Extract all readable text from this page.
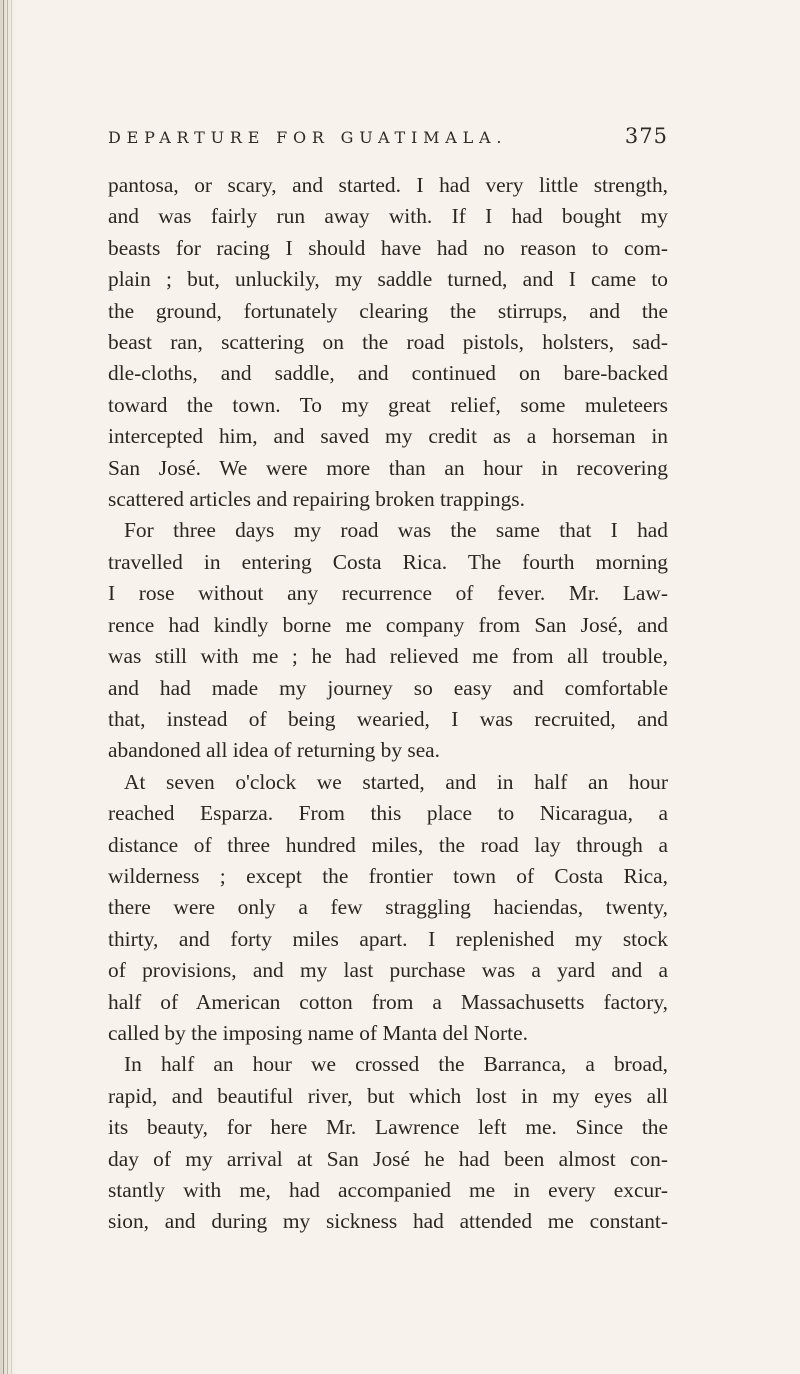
DEPARTURE FOR GUATIMALA.	375

pantosa, or scary, and started. I had very little strength,

and was fairly run away with. If I had bought my

beasts for racing I should have had no reason to com-

plain ; but, unluckily, my saddle turned, and I came to

the ground, fortunately clearing the stirrups, and the

beast ran, scattering on the road pistols, holsters, sad-

dle-cloths, and saddle, and continued on bare-backed

toward the town. To my great relief, some muleteers

intercepted him, and saved my credit as a horseman in

San José. We were more than an hour in recovering

scattered articles and repairing broken trappings.

For three days my road was the same that I had

travelled in entering Costa Rica. The fourth morning

I rose without any recurrence of fever. Mr. Law-

rence had kindly borne me company from San José, and

was still with me ; he had relieved me from all trouble,

and had made my journey so easy and comfortable

that, instead of being wearied, I was recruited, and

abandoned all idea of returning by sea.

At seven o'clock we started, and in half an hour

reached Esparza. From this place to Nicaragua, a

distance of three hundred miles, the road lay through a

wilderness ; except the frontier town of Costa Rica,

there were only a few straggling haciendas, twenty,

thirty, and forty miles apart. I replenished my stock

of provisions, and my last purchase was a yard and a

half of American cotton from a Massachusetts factory,

called by the imposing name of Manta del Norte.

In half an hour we crossed the Barranca, a broad,

rapid, and beautiful river, but which lost in my eyes all

its beauty, for here Mr. Lawrence left me. Since the

day of my arrival at San José he had been almost con-

stantly with me, had accompanied me in every excur-

sion, and during my sickness had attended me constant-
